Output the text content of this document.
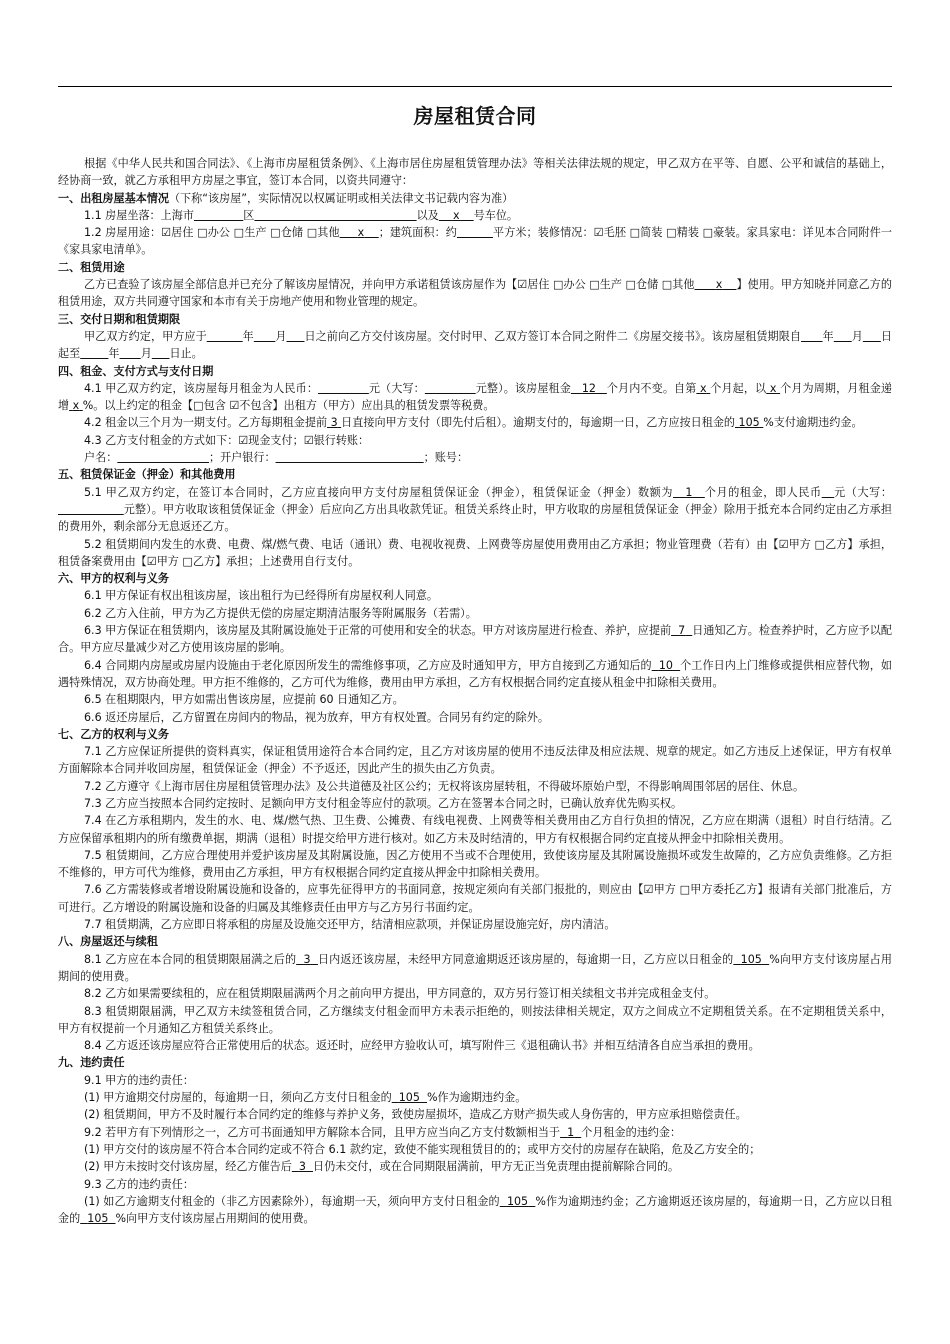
房屋租赁合同

根据《中华人民共和国合同法》、《上海市房屋租赁条例》、《上海市居住房屋租赁管理办法》等相关法律法规的规定，甲乙双方在平等、自愿、公平和诚信的基础上，经协商一致，就乙方承租甲方房屋之事宜，签订本合同，以资共同遵守：

一、出租房屋基本情况（下称“该房屋”，实际情况以权属证明或相关法律文书记载内容为准）

1.1 房屋坐落：上海市	区	以及 x 号车位。

1.2 房屋用途：☑居住 □办公 □生产 □仓储 □其他 x ；建筑面积：约	平方米；装修情况：☑毛胚 □简装 □精装 □豪装。家具家电：详见本合同附件一《家具家电清单》。

二、租赁用途

乙方已查验了该房屋全部信息并已充分了解该房屋情况，并向甲方承诺租赁该房屋作为【☑居住 □办公 □生产 □仓储 □其他 x 】使用。甲方知晓并同意乙方的租赁用途，双方共同遵守国家和本市有关于房地产使用和物业管理的规定。

三、交付日期和租赁期限

甲乙双方约定，甲方应于	年 月 日之前向乙方交付该房屋。交付时甲、乙双方签订本合同之附件二《房屋交接书》。该房屋租赁期限自 年 月 日起至	年 月 日止。

四、租金、支付方式与支付日期

4.1 甲乙双方约定，该房屋每月租金为人民币：	元（大写：	元整）。该房屋租金 12 个月内不变。自第 x 个月起，以 x 个月为周期，月租金递增 x %。以上约定的租金【□包含 ☑不包含】出租方（甲方）应出具的租赁发票等税费。

4.2 租金以三个月为一期支付。乙方每期租金提前 3 日直接向甲方支付（即先付后租）。逾期支付的，每逾期一日，乙方应按日租金的 105 %支付逾期违约金。

4.3 乙方支付租金的方式如下：☑现金支付；☑银行转账：

户名：	；开户银行：	；账号：

五、租赁保证金（押金）和其他费用

5.1 甲乙双方约定，在签订本合同时，乙方应直接向甲方支付房屋租赁保证金（押金），租赁保证金（押金）数额为 1 个月的租金，即人民币 元（大写：                  元整）。甲方收取该租赁保证金（押金）后应向乙方出具收款凭证。租赁关系终止时，甲方收取的房屋租赁保证金（押金）除用于抵充本合同约定由乙方承担的费用外，剩余部分无息返还乙方。

5.2 租赁期间内发生的水费、电费、煤/燃气费、电话（通讯）费、电视收视费、上网费等房屋使用费用由乙方承担；物业管理费（若有）由【☑甲方 □乙方】承担，租赁备案费用由【☑甲方 □乙方】承担；上述费用自行支付。

六、甲方的权利与义务

6.1 甲方保证有权出租该房屋，该出租行为已经得所有房屋权利人同意。

6.2 乙方入住前，甲方为乙方提供无偿的房屋定期清洁服务等附属服务（若需）。

6.3 甲方保证在租赁期内，该房屋及其附属设施处于正常的可使用和安全的状态。甲方对该房屋进行检查、养护，应提前 7 日通知乙方。检查养护时，乙方应予以配合。甲方应尽量减少对乙方使用该房屋的影响。

6.4 合同期内房屋或房屋内设施由于老化原因所发生的需维修事项，乙方应及时通知甲方，甲方自接到乙方通知后的 10 个工作日内上门维修或提供相应替代物，如遇特殊情况，双方协商处理。甲方拒不维修的，乙方可代为维修，费用由甲方承担，乙方有权根据合同约定直接从租金中扣除相关费用。

6.5 在租期限内，甲方如需出售该房屋，应提前 60 日通知乙方。

6.6 返还房屋后，乙方留置在房间内的物品，视为放弃，甲方有权处置。合同另有约定的除外。

七、乙方的权利与义务

7.1 乙方应保证所提供的资料真实，保证租赁用途符合本合同约定，且乙方对该房屋的使用不违反法律及相应法规、规章的规定。如乙方违反上述保证，甲方有权单方面解除本合同并收回房屋，租赁保证金（押金）不予返还，因此产生的损失由乙方负责。

7.2 乙方遵守《上海市居住房屋租赁管理办法》及公共道德及社区公约；无权将该房屋转租，不得破坏原始户型，不得影响周围邻居的居住、休息。

7.3 乙方应当按照本合同约定按时、足额向甲方支付租金等应付的款项。乙方在签署本合同之时，已确认放弃优先购买权。

7.4 在乙方承租期内，发生的水、电、煤/燃气热、卫生费、公摊费、有线电视费、上网费等相关费用由乙方自行负担的情况，乙方应在期满（退租）时自行结清。乙方应保留承租期内的所有缴费单据，期满（退租）时提交给甲方进行核对。如乙方未及时结清的，甲方有权根据合同约定直接从押金中扣除相关费用。

7.5 租赁期间，乙方应合理使用并爱护该房屋及其附属设施，因乙方使用不当或不合理使用，致使该房屋及其附属设施损坏或发生故障的，乙方应负责维修。乙方拒不维修的，甲方可代为维修，费用由乙方承担，甲方有权根据合同约定直接从押金中扣除相关费用。

7.6 乙方需装修或者增设附属设施和设备的，应事先征得甲方的书面同意，按规定须向有关部门报批的，则应由【☑甲方 □甲方委托乙方】报请有关部门批准后，方可进行。乙方增设的附属设施和设备的归属及其维修责任由甲方与乙方另行书面约定。

7.7 租赁期满，乙方应即日将承租的房屋及设施交还甲方，结清相应款项，并保证房屋设施完好，房内清洁。

八、房屋返还与续租

8.1 乙方应在本合同的租赁期限届满之后的 3 日内返还该房屋，未经甲方同意逾期返还该房屋的，每逾期一日，乙方应以日租金的 105 %向甲方支付该房屋占用期间的使用费。

8.2 乙方如果需要续租的，应在租赁期限届满两个月之前向甲方提出，甲方同意的，双方另行签订相关续租文书并完成租金支付。

8.3 租赁期限届满，甲乙双方未续签租赁合同，乙方继续支付租金而甲方未表示拒绝的，则按法律相关规定，双方之间成立不定期租赁关系。在不定期租赁关系中，甲方有权提前一个月通知乙方租赁关系终止。

8.4 乙方返还该房屋应符合正常使用后的状态。返还时，应经甲方验收认可，填写附件三《退租确认书》并相互结清各自应当承担的费用。

九、违约责任

9.1 甲方的违约责任：

(1) 甲方逾期交付房屋的，每逾期一日，须向乙方支付日租金的 105 %作为逾期违约金。

(2) 租赁期间，甲方不及时履行本合同约定的维修与养护义务，致使房屋损坏，造成乙方财产损失或人身伤害的，甲方应承担赔偿责任。

9.2 若甲方有下列情形之一，乙方可书面通知甲方解除本合同，且甲方应当向乙方支付数额相当于 1 个月租金的违约金：

(1) 甲方交付的该房屋不符合本合同约定或不符合 6.1 款约定，致使不能实现租赁目的的；或甲方交付的房屋存在缺陷，危及乙方安全的；

(2) 甲方未按时交付该房屋，经乙方催告后 3 日仍未交付，或在合同期限届满前，甲方无正当免责理由提前解除合同的。

9.3 乙方的违约责任：

(1) 如乙方逾期支付租金的（非乙方因素除外），每逾期一天，须向甲方支付日租金的 105 %作为逾期违约金；乙方逾期返还该房屋的，每逾期一日，乙方应以日租金的 105 %向甲方支付该房屋占用期间的使用费。
